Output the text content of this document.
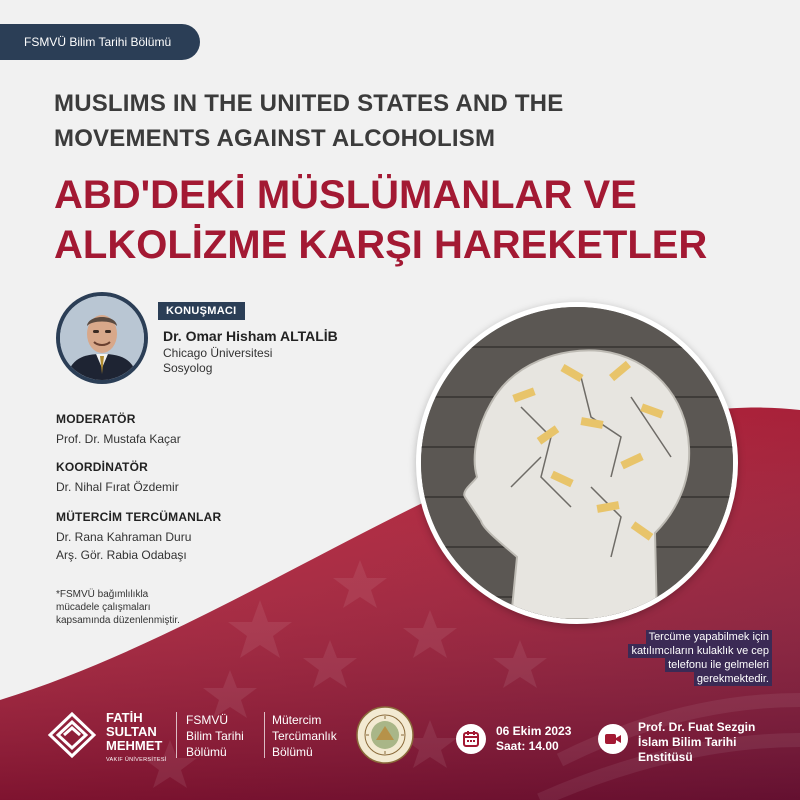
FSMVÜ Bilim Tarihi Bölümü
MUSLIMS IN THE UNITED STATES AND THE
MOVEMENTS AGAINST ALCOHOLISM
ABD'DEKİ MÜSLÜMANLAR VE
ALKOLİZME KARŞI HAREKETLER
KONUŞMACI
Dr. Omar Hisham ALTALİB
Chicago Üniversitesi
Sosyolog
MODERATÖR
Prof. Dr. Mustafa Kaçar
KOORDİNATÖR
Dr. Nihal Fırat Özdemir
MÜTERCİM TERCÜMANLAR
Dr. Rana Kahraman Duru
Arş. Gör. Rabia Odabaşı
*FSMVÜ bağımlılıkla mücadele çalışmaları kapsamında düzenlenmiştir.
Tercüme yapabilmek için
katılımcıların kulaklık ve cep
telefonu ile gelmeleri
gerekmektedir.
FATİH
SULTAN
MEHMET
VAKIF ÜNİVERSİTESİ
FSMVÜ
Bilim Tarihi
Bölümü
Mütercim
Tercümanlık
Bölümü
06 Ekim 2023
Saat: 14.00
Prof. Dr. Fuat Sezgin
İslam Bilim Tarihi
Enstitüsü
